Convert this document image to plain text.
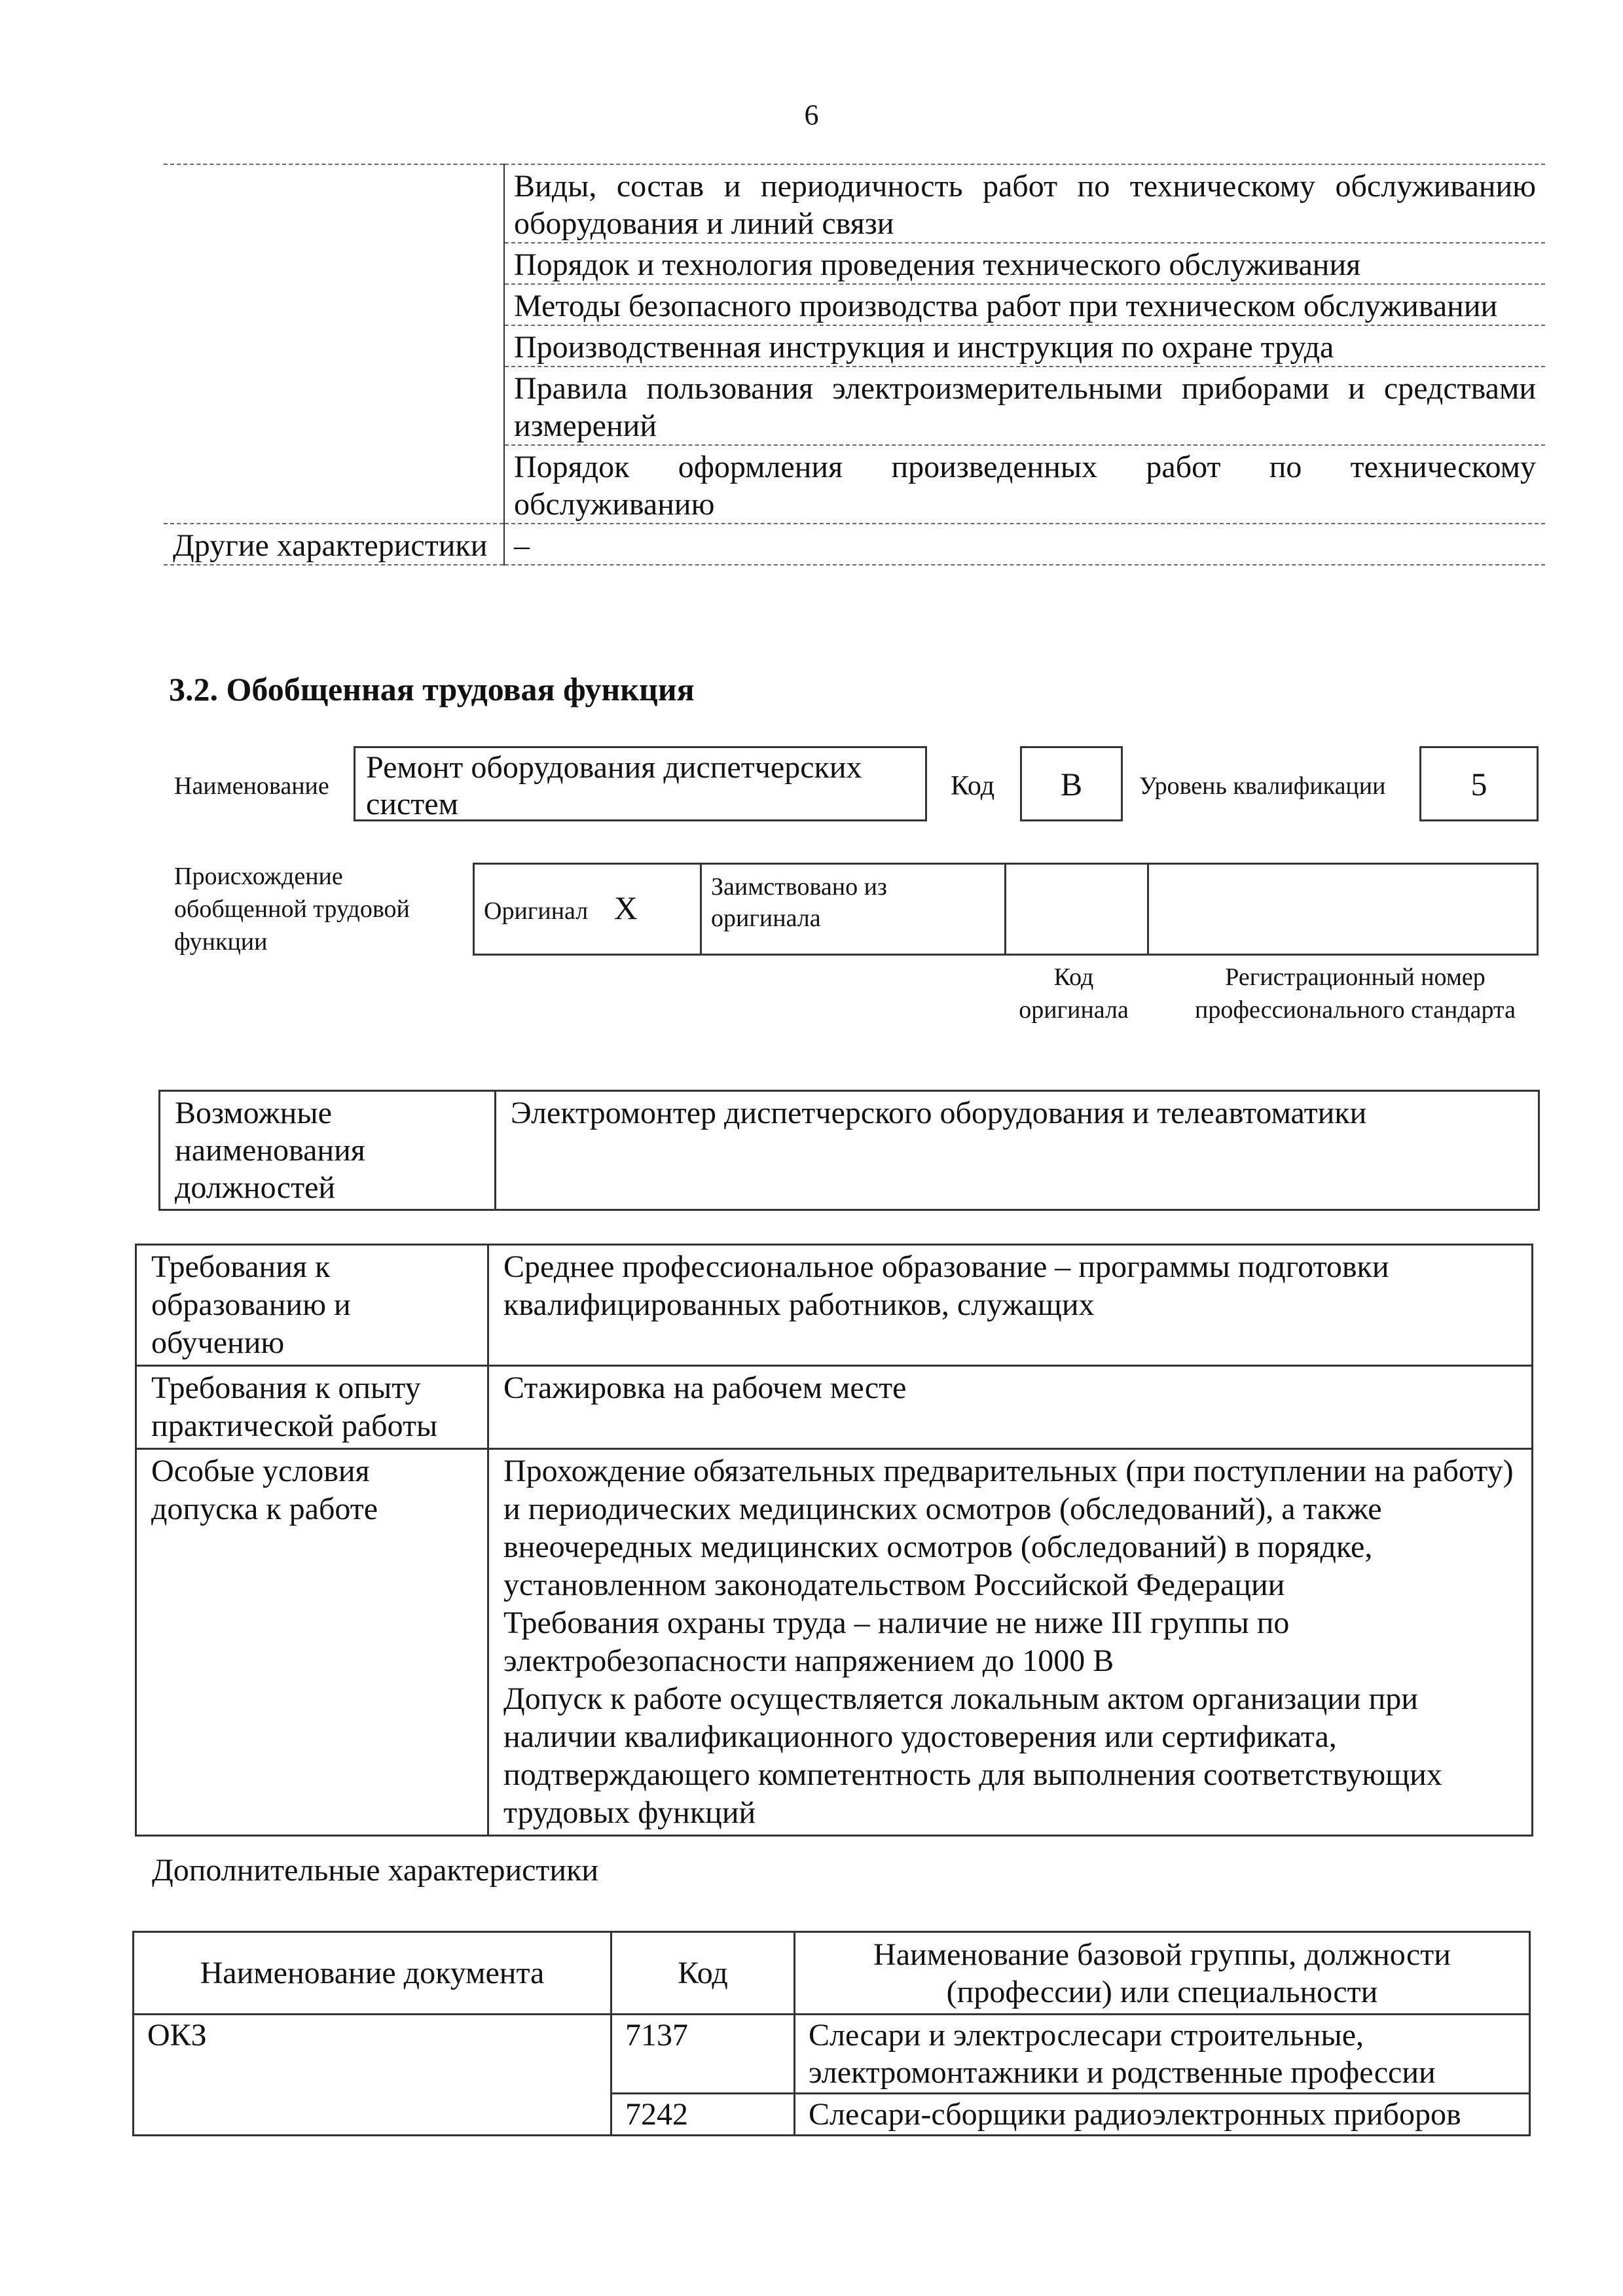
6
	Виды, состав и периодичность работ по техническому обслуживанию оборудования и линий связи
	Порядок и технология проведения технического обслуживания
	Методы безопасного производства работ при техническом обслуживании
	Производственная инструкция и инструкция по охране труда
	Правила пользования электроизмерительными приборами и средствами измерений
	Порядок оформления произведенных работ по техническому обслуживанию
Другие характеристики	–
3.2. Обобщенная трудовая функция
Наименование
Ремонт оборудования диспетчерских систем
Код	В	Уровень квалификации	5
Происхождение обобщенной трудовой функции
Оригинал Х	Заимствовано из оригинала		
Код оригинала
Регистрационный номер профессионального стандарта
Возможные наименования должностей	Электромонтер диспетчерского оборудования и телеавтоматики
Требования к образованию и обучению	Среднее профессиональное образование – программы подготовки квалифицированных работников, служащих

Требования к опыту практической работы	Стажировка на рабочем месте

Особые условия допуска к работе	Прохождение обязательных предварительных (при поступлении на работу) и периодических медицинских осмотров (обследований), а также внеочередных медицинских осмотров (обследований) в порядке, установленном законодательством Российской Федерации
Требования охраны труда – наличие не ниже III группы по электробезопасности напряжением до 1000 В
Допуск к работе осуществляется локальным актом организации при наличии квалификационного удостоверения или сертификата, подтверждающего компетентность для выполнения соответствующих трудовых функций
Дополнительные характеристики
Наименование документа	Код	Наименование базовой группы, должности (профессии) или специальности
ОКЗ	7137	Слесари и электрослесари строительные, электромонтажники и родственные профессии
	7242	Слесари-сборщики радиоэлектронных приборов
